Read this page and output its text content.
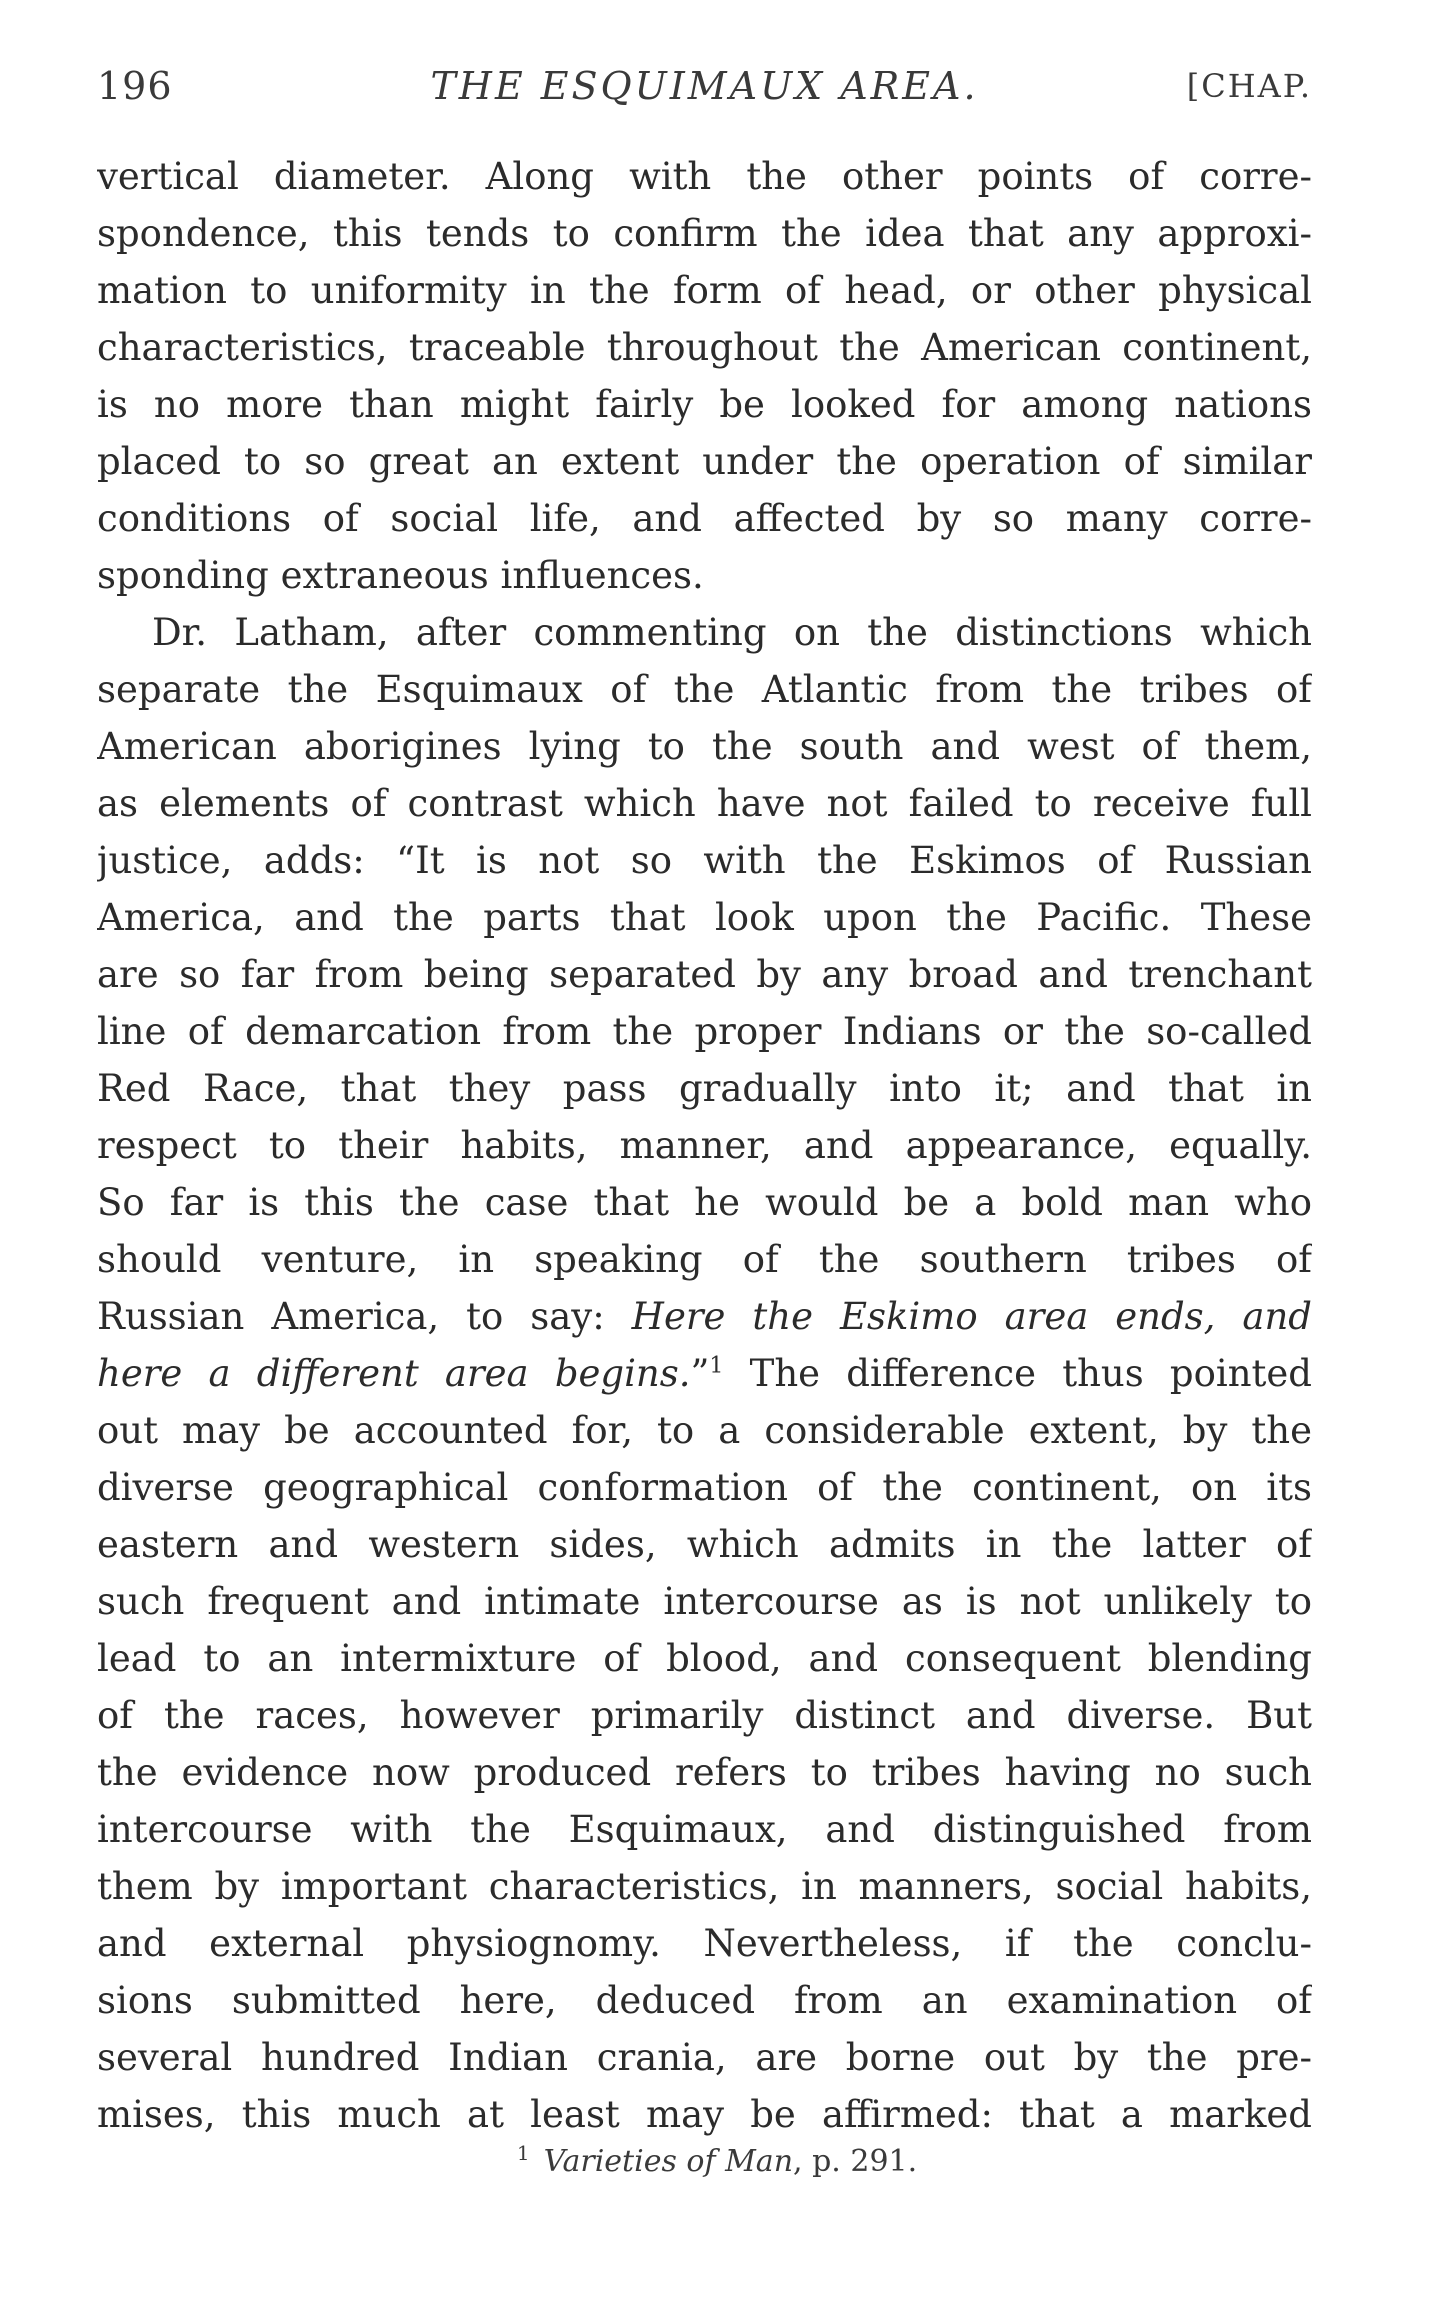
196	THE ESQUIMAUX AREA.	[CHAP.
vertical diameter. Along with the other points of corre-
spondence, this tends to confirm the idea that any approxi-
mation to uniformity in the form of head, or other physical
characteristics, traceable throughout the American continent,
is no more than might fairly be looked for among nations
placed to so great an extent under the operation of similar
conditions of social life, and affected by so many corre-
sponding extraneous influences.
Dr. Latham, after commenting on the distinctions which
separate the Esquimaux of the Atlantic from the tribes of
American aborigines lying to the south and west of them,
as elements of contrast which have not failed to receive full
justice, adds: “It is not so with the Eskimos of Russian
America, and the parts that look upon the Pacific. These
are so far from being separated by any broad and trenchant
line of demarcation from the proper Indians or the so-called
Red Race, that they pass gradually into it; and that in
respect to their habits, manner, and appearance, equally.
So far is this the case that he would be a bold man who
should venture, in speaking of the southern tribes of
Russian America, to say: Here the Eskimo area ends, and
here a different area begins.”$^1$ The difference thus pointed
out may be accounted for, to a considerable extent, by the
diverse geographical conformation of the continent, on its
eastern and western sides, which admits in the latter of
such frequent and intimate intercourse as is not unlikely to
lead to an intermixture of blood, and consequent blending
of the races, however primarily distinct and diverse. But
the evidence now produced refers to tribes having no such
intercourse with the Esquimaux, and distinguished from
them by important characteristics, in manners, social habits,
and external physiognomy. Nevertheless, if the conclu-
sions submitted here, deduced from an examination of
several hundred Indian crania, are borne out by the pre-
mises, this much at least may be affirmed: that a marked
$^1$ Varieties of Man, p. 291.
